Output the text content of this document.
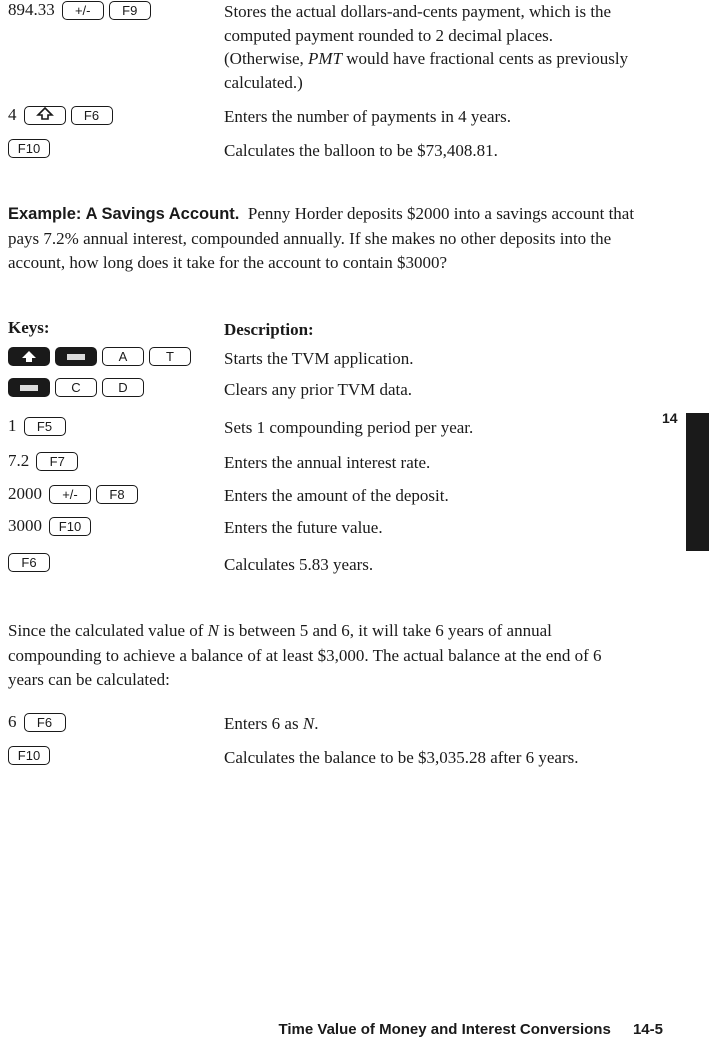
894.33	+/-	F9	Stores the actual dollars-and-cents payment, which is the computed payment rounded to 2 decimal places. (Otherwise, PMT would have fractional cents as previously calculated.)
4	F6	Enters the number of payments in 4 years.
F10	Calculates the balloon to be $73,408.81.
Example: A Savings Account. Penny Horder deposits $2000 into a savings account that pays 7.2% annual interest, compounded annually. If she makes no other deposits into the account, how long does it take for the account to contain $3000?
Keys:	Description:
A	T	Starts the TVM application.
C	D	Clears any prior TVM data.
1	F5	Sets 1 compounding period per year.
7.2	F7	Enters the annual interest rate.
2000	+/-	F8	Enters the amount of the deposit.
3000	F10	Enters the future value.
F6	Calculates 5.83 years.
Since the calculated value of N is between 5 and 6, it will take 6 years of annual compounding to achieve a balance of at least $3,000. The actual balance at the end of 6 years can be calculated:
6	F6	Enters 6 as N.
F10	Calculates the balance to be $3,035.28 after 6 years.
14
Time Value of Money and Interest Conversions 14-5
